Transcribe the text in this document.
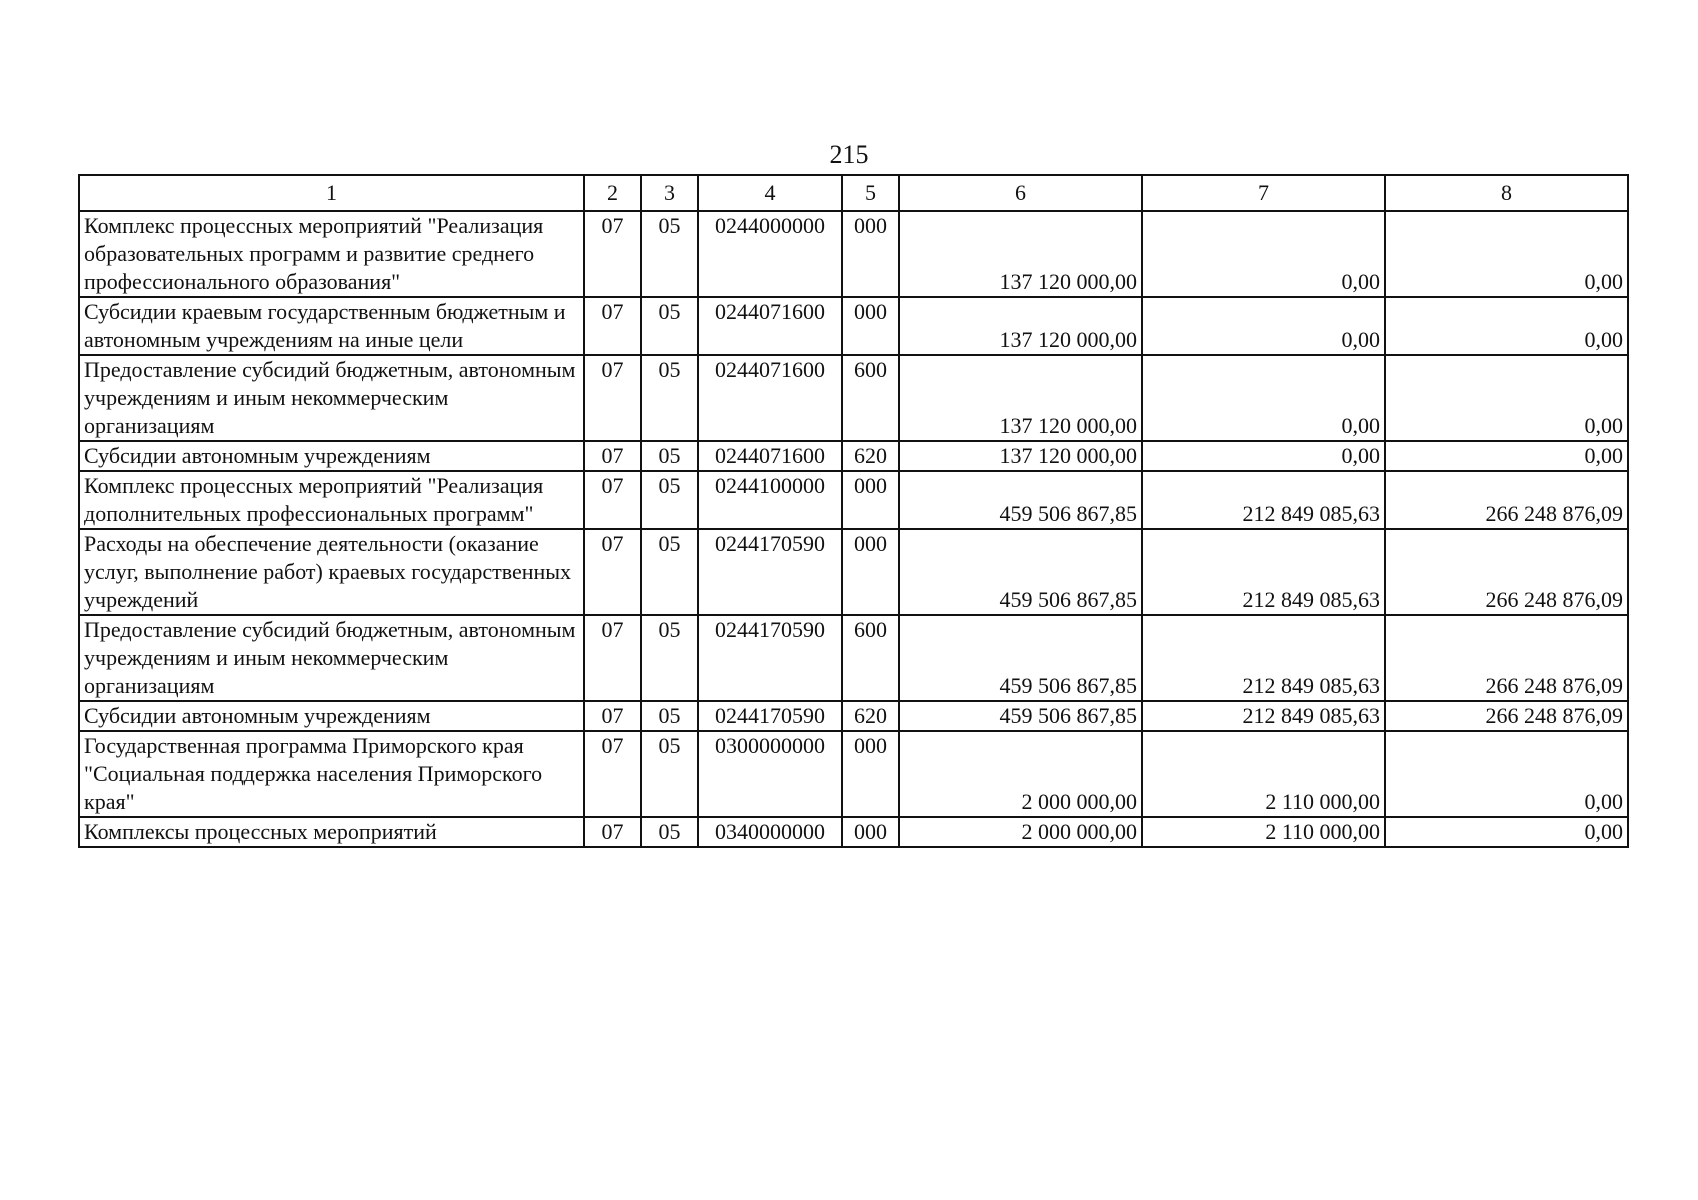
215
1	2	3	4	5	6	7	8
Комплекс процессных мероприятий "Реализация образовательных программ и развитие среднего профессионального образования"	07	05	0244000000	000	137 120 000,00	0,00	0,00
Субсидии краевым государственным бюджетным и автономным учреждениям на иные цели	07	05	0244071600	000	137 120 000,00	0,00	0,00
Предоставление субсидий бюджетным, автономным учреждениям и иным некоммерческим организациям	07	05	0244071600	600	137 120 000,00	0,00	0,00
Субсидии автономным учреждениям	07	05	0244071600	620	137 120 000,00	0,00	0,00
Комплекс процессных мероприятий "Реализация дополнительных профессиональных программ"	07	05	0244100000	000	459 506 867,85	212 849 085,63	266 248 876,09
Расходы на обеспечение деятельности (оказание услуг, выполнение работ) краевых государственных учреждений	07	05	0244170590	000	459 506 867,85	212 849 085,63	266 248 876,09
Предоставление субсидий бюджетным, автономным учреждениям и иным некоммерческим организациям	07	05	0244170590	600	459 506 867,85	212 849 085,63	266 248 876,09
Субсидии автономным учреждениям	07	05	0244170590	620	459 506 867,85	212 849 085,63	266 248 876,09
Государственная программа Приморского края "Социальная поддержка населения Приморского края"	07	05	0300000000	000	2 000 000,00	2 110 000,00	0,00
Комплексы процессных мероприятий	07	05	0340000000	000	2 000 000,00	2 110 000,00	0,00
